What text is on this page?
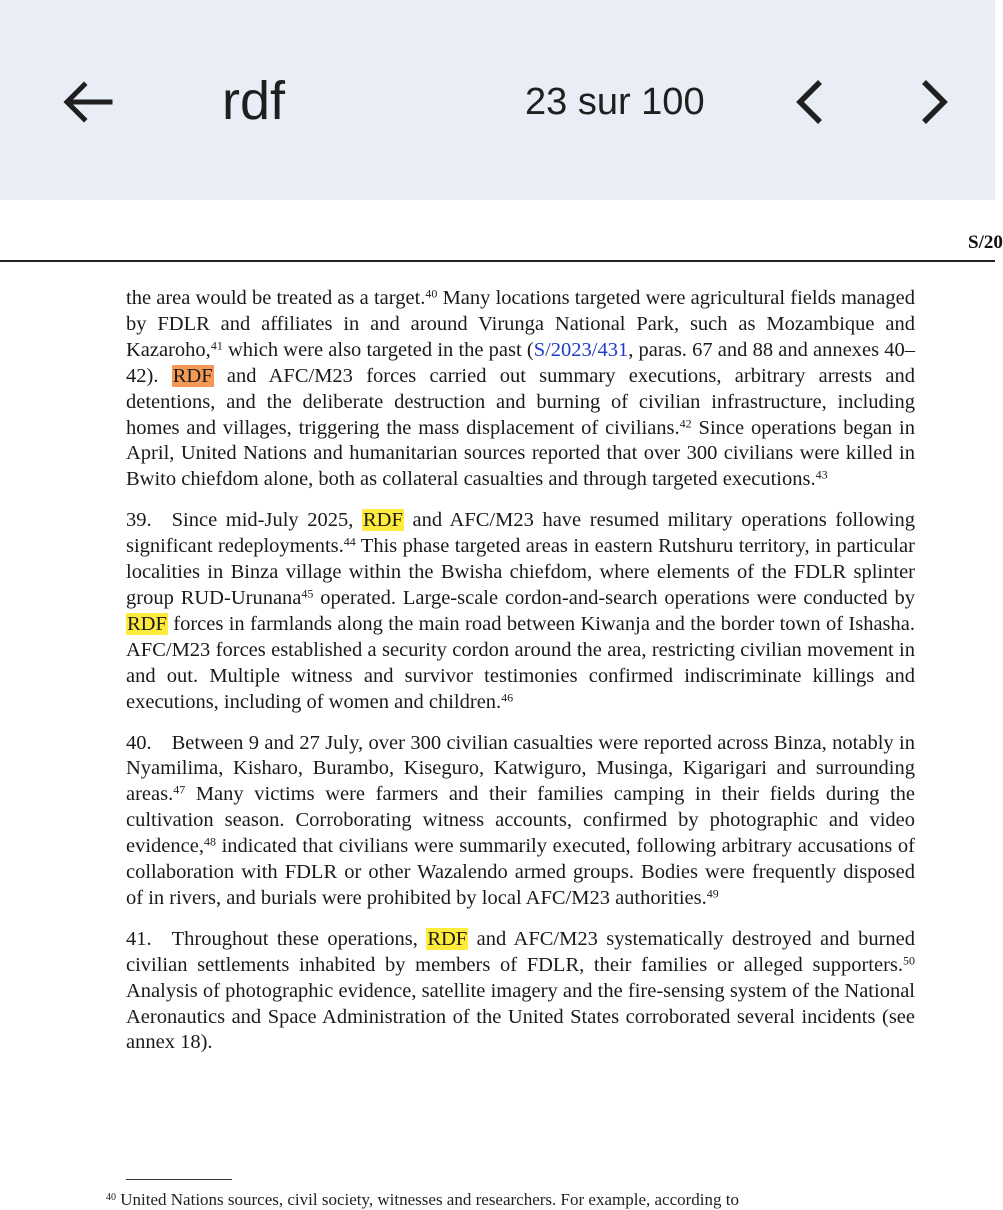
rdf	23 sur 100
S/20

the area would be treated as a target.$^{40}$ Many locations targeted were agricultural fields managed by FDLR and affiliates in and around Virunga National Park, such as Mozambique and Kazaroho,$^{41}$ which were also targeted in the past (S/2023/431, paras. 67 and 88 and annexes 40–42). RDF and AFC/M23 forces carried out summary executions, arbitrary arrests and detentions, and the deliberate destruction and burning of civilian infrastructure, including homes and villages, triggering the mass displacement of civilians.$^{42}$ Since operations began in April, United Nations and humanitarian sources reported that over 300 civilians were killed in Bwito chiefdom alone, both as collateral casualties and through targeted executions.$^{43}$

39. Since mid-July 2025, RDF and AFC/M23 have resumed military operations following significant redeployments.$^{44}$ This phase targeted areas in eastern Rutshuru territory, in particular localities in Binza village within the Bwisha chiefdom, where elements of the FDLR splinter group RUD-Urunana$^{45}$ operated. Large-scale cordon-and-search operations were conducted by RDF forces in farmlands along the main road between Kiwanja and the border town of Ishasha. AFC/M23 forces established a security cordon around the area, restricting civilian movement in and out. Multiple witness and survivor testimonies confirmed indiscriminate killings and executions, including of women and children.$^{46}$

40. Between 9 and 27 July, over 300 civilian casualties were reported across Binza, notably in Nyamilima, Kisharo, Burambo, Kiseguro, Katwiguro, Musinga, Kigarigari and surrounding areas.$^{47}$ Many victims were farmers and their families camping in their fields during the cultivation season. Corroborating witness accounts, confirmed by photographic and video evidence,$^{48}$ indicated that civilians were summarily executed, following arbitrary accusations of collaboration with FDLR or other Wazalendo armed groups. Bodies were frequently disposed of in rivers, and burials were prohibited by local AFC/M23 authorities.$^{49}$

41. Throughout these operations, RDF and AFC/M23 systematically destroyed and burned civilian settlements inhabited by members of FDLR, their families or alleged supporters.$^{50}$ Analysis of photographic evidence, satellite imagery and the fire-sensing system of the National Aeronautics and Space Administration of the United States corroborated several incidents (see annex 18).

$^{40}$ United Nations sources, civil society, witnesses and researchers. For example, according to
